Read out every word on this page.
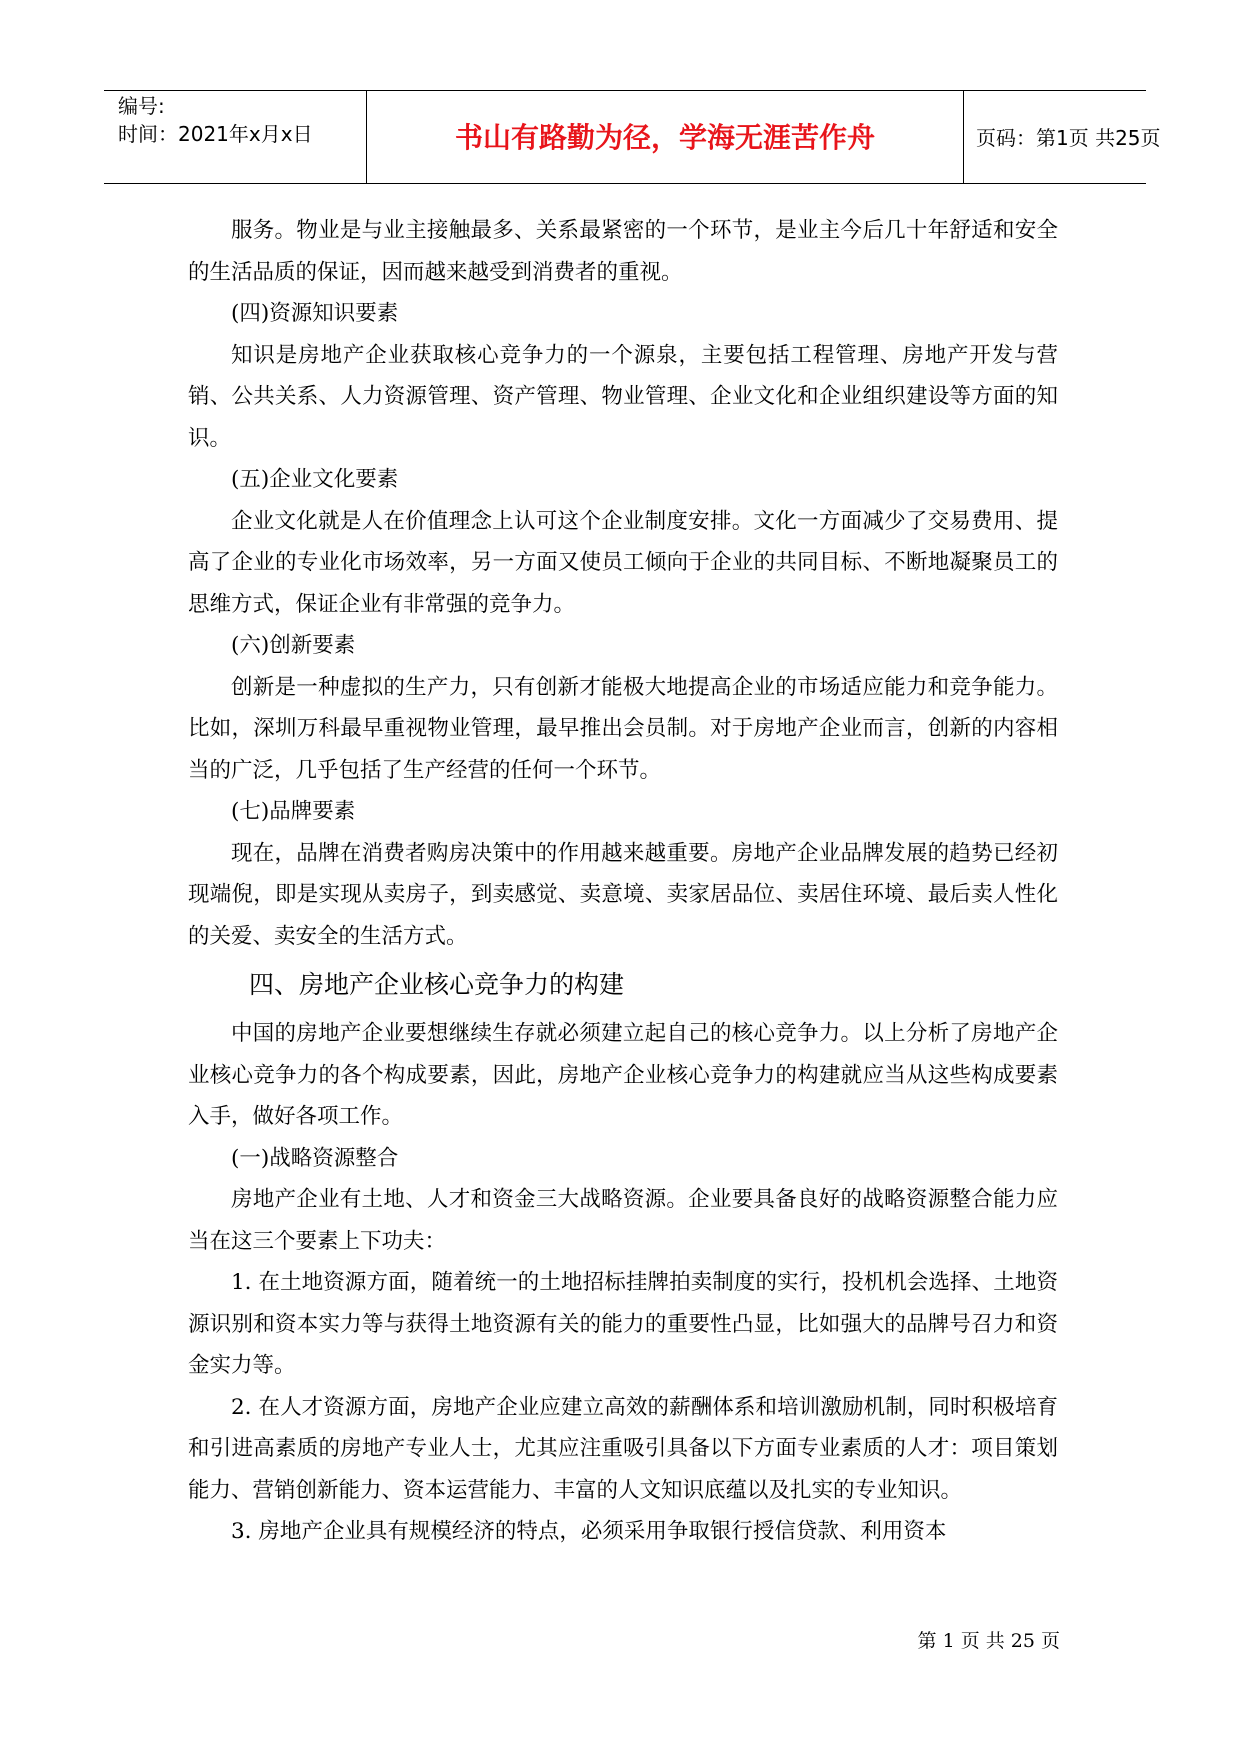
编号:
时间：2021年x月x日	书山有路勤为径，学海无涯苦作舟	页码：第1页 共25页

服务。物业是与业主接触最多、关系最紧密的一个环节，是业主今后几十年舒适和安全的生活品质的保证，因而越来越受到消费者的重视。

(四)资源知识要素

知识是房地产企业获取核心竞争力的一个源泉，主要包括工程管理、房地产开发与营销、公共关系、人力资源管理、资产管理、物业管理、企业文化和企业组织建设等方面的知识。

(五)企业文化要素

企业文化就是人在价值理念上认可这个企业制度安排。文化一方面减少了交易费用、提高了企业的专业化市场效率，另一方面又使员工倾向于企业的共同目标、不断地凝聚员工的思维方式，保证企业有非常强的竞争力。

(六)创新要素

创新是一种虚拟的生产力，只有创新才能极大地提高企业的市场适应能力和竞争能力。比如，深圳万科最早重视物业管理，最早推出会员制。对于房地产企业而言，创新的内容相当的广泛，几乎包括了生产经营的任何一个环节。

(七)品牌要素

现在，品牌在消费者购房决策中的作用越来越重要。房地产企业品牌发展的趋势已经初现端倪，即是实现从卖房子，到卖感觉、卖意境、卖家居品位、卖居住环境、最后卖人性化的关爱、卖安全的生活方式。

四、房地产企业核心竞争力的构建

中国的房地产企业要想继续生存就必须建立起自己的核心竞争力。以上分析了房地产企业核心竞争力的各个构成要素，因此，房地产企业核心竞争力的构建就应当从这些构成要素入手，做好各项工作。

(一)战略资源整合

房地产企业有土地、人才和资金三大战略资源。企业要具备良好的战略资源整合能力应当在这三个要素上下功夫：

1. 在土地资源方面，随着统一的土地招标挂牌拍卖制度的实行，投机机会选择、土地资源识别和资本实力等与获得土地资源有关的能力的重要性凸显，比如强大的品牌号召力和资金实力等。

2. 在人才资源方面，房地产企业应建立高效的薪酬体系和培训激励机制，同时积极培育和引进高素质的房地产专业人士，尤其应注重吸引具备以下方面专业素质的人才：项目策划能力、营销创新能力、资本运营能力、丰富的人文知识底蕴以及扎实的专业知识。

3. 房地产企业具有规模经济的特点，必须采用争取银行授信贷款、利用资本

第 1 页 共 25 页
